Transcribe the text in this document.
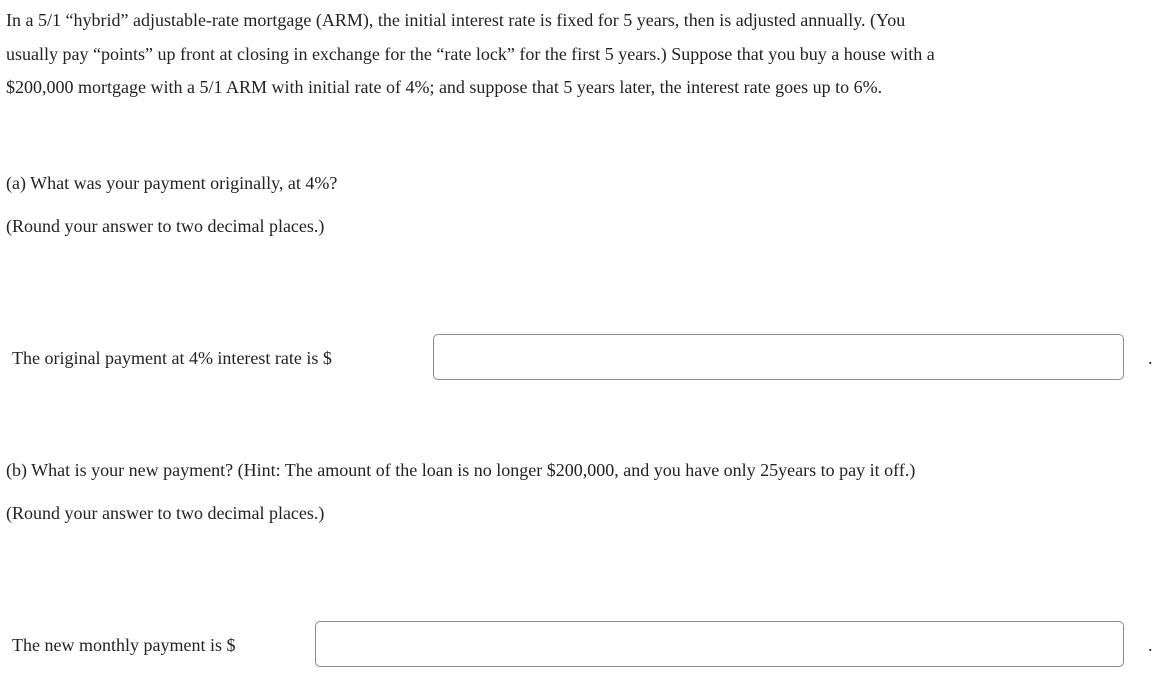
In a 5/1 “hybrid” adjustable-rate mortgage (ARM), the initial interest rate is fixed for 5 years, then is adjusted annually. (You

usually pay “points” up front at closing in exchange for the “rate lock” for the first 5 years.) Suppose that you buy a house with a

$200,000 mortgage with a 5/1 ARM with initial rate of 4%; and suppose that 5 years later, the interest rate goes up to 6%.

(a) What was your payment originally, at 4%?

(Round your answer to two decimal places.)

The original payment at 4% interest rate is $	.

(b) What is your new payment? (Hint: The amount of the loan is no longer $200,000, and you have only 25years to pay it off.)

(Round your answer to two decimal places.)

The new monthly payment is $	.
